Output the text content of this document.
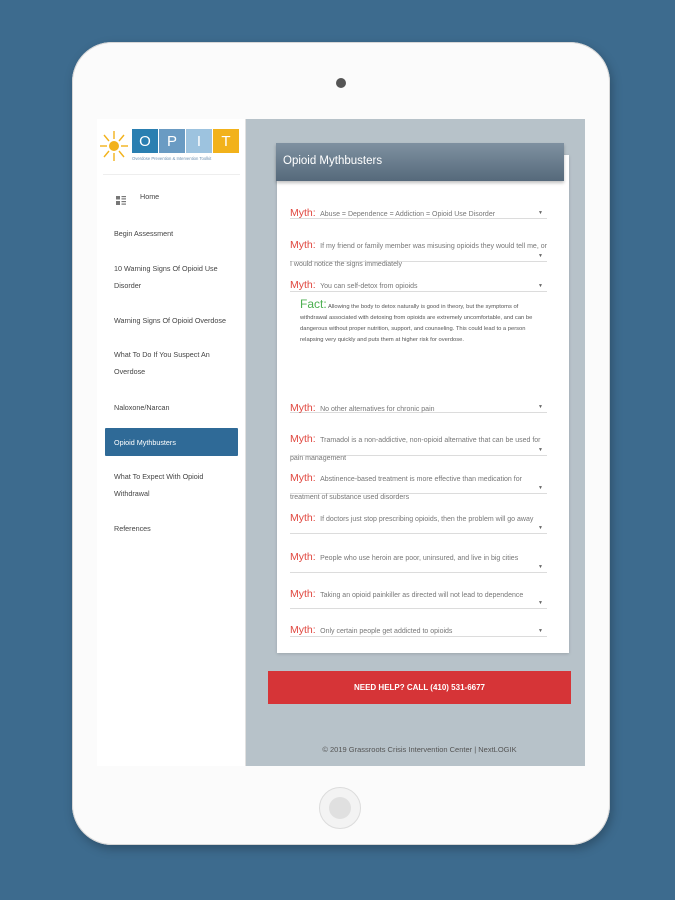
O	P	I	T
Overdose Prevention & Intervention Toolkit
Home
Begin Assessment
10 Warning Signs Of Opioid Use Disorder
Warning Signs Of Opioid Overdose
What To Do If You Suspect An Overdose
Naloxone/Narcan
Opioid Mythbusters
What To Expect With Opioid Withdrawal
References
Opioid Mythbusters
Myth: Abuse = Dependence = Addiction = Opioid Use Disorder	▼
Myth: If my friend or family member was misusing opioids they would tell me, or I would notice the signs immediately
▼
Myth: You can self-detox from opioids	▼
Fact: Allowing the body to detox naturally is good in theory, but the symptoms of withdrawal associated with detoxing from opioids are extremely uncomfortable, and can be dangerous without proper nutrition, support, and counseling. This could lead to a person relapsing very quickly and puts them at higher risk for overdose.
Myth: No other alternatives for chronic pain	▼
Myth: Tramadol is a non-addictive, non-opioid alternative that can be used for pain management
▼
Myth: Abstinence-based treatment is more effective than medication for treatment of substance used disorders
▼
Myth: If doctors just stop prescribing opioids, then the problem will go away
▼
Myth: People who use heroin are poor, uninsured, and live in big cities
▼
Myth: Taking an opioid painkiller as directed will not lead to dependence
▼
Myth: Only certain people get addicted to opioids	▼
NEED HELP? CALL (410) 531-6677
© 2019 Grassroots Crisis Intervention Center | NextLOGIK
